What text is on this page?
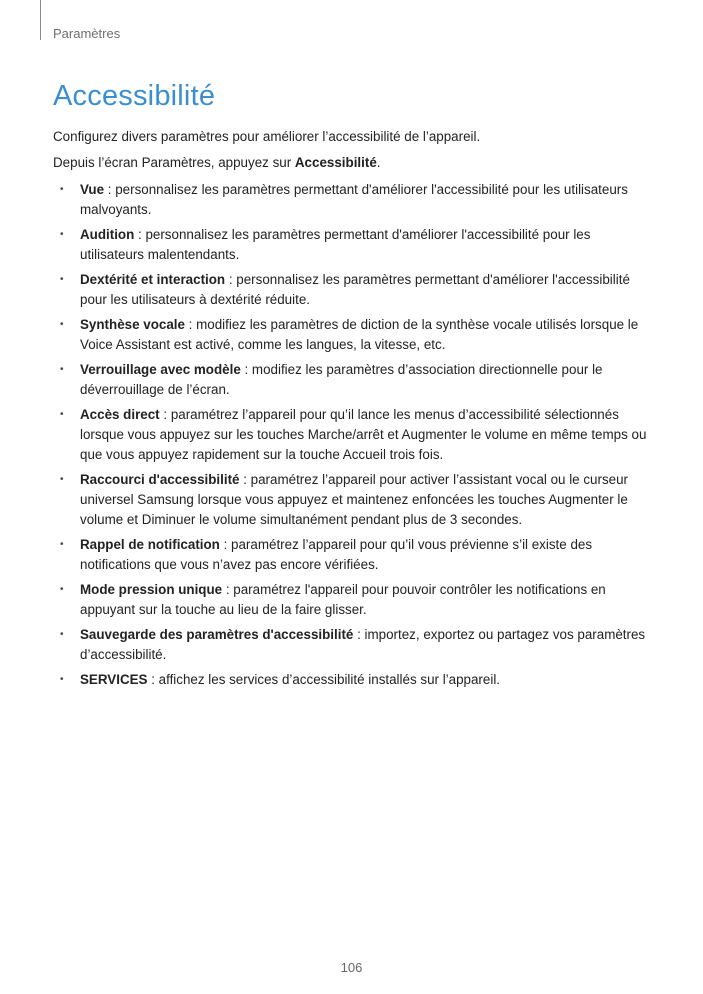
Paramètres
Accessibilité

Configurez divers paramètres pour améliorer l’accessibilité de l’appareil.

Depuis l’écran Paramètres, appuyez sur Accessibilité.

• Vue : personnalisez les paramètres permettant d'améliorer l'accessibilité pour les utilisateurs malvoyants.
• Audition : personnalisez les paramètres permettant d'améliorer l'accessibilité pour les utilisateurs malentendants.
• Dextérité et interaction : personnalisez les paramètres permettant d'améliorer l'accessibilité pour les utilisateurs à dextérité réduite.
• Synthèse vocale : modifiez les paramètres de diction de la synthèse vocale utilisés lorsque le Voice Assistant est activé, comme les langues, la vitesse, etc.
• Verrouillage avec modèle : modifiez les paramètres d’association directionnelle pour le déverrouillage de l’écran.
• Accès direct : paramétrez l’appareil pour qu’il lance les menus d’accessibilité sélectionnés lorsque vous appuyez sur les touches Marche/arrêt et Augmenter le volume en même temps ou que vous appuyez rapidement sur la touche Accueil trois fois.
• Raccourci d'accessibilité : paramétrez l’appareil pour activer l’assistant vocal ou le curseur universel Samsung lorsque vous appuyez et maintenez enfoncées les touches Augmenter le volume et Diminuer le volume simultanément pendant plus de 3 secondes.
• Rappel de notification : paramétrez l’appareil pour qu’il vous prévienne s’il existe des notifications que vous n’avez pas encore vérifiées.
• Mode pression unique : paramétrez l'appareil pour pouvoir contrôler les notifications en appuyant sur la touche au lieu de la faire glisser.
• Sauvegarde des paramètres d'accessibilité : importez, exportez ou partagez vos paramètres d’accessibilité.
• SERVICES : affichez les services d’accessibilité installés sur l’appareil.
106
